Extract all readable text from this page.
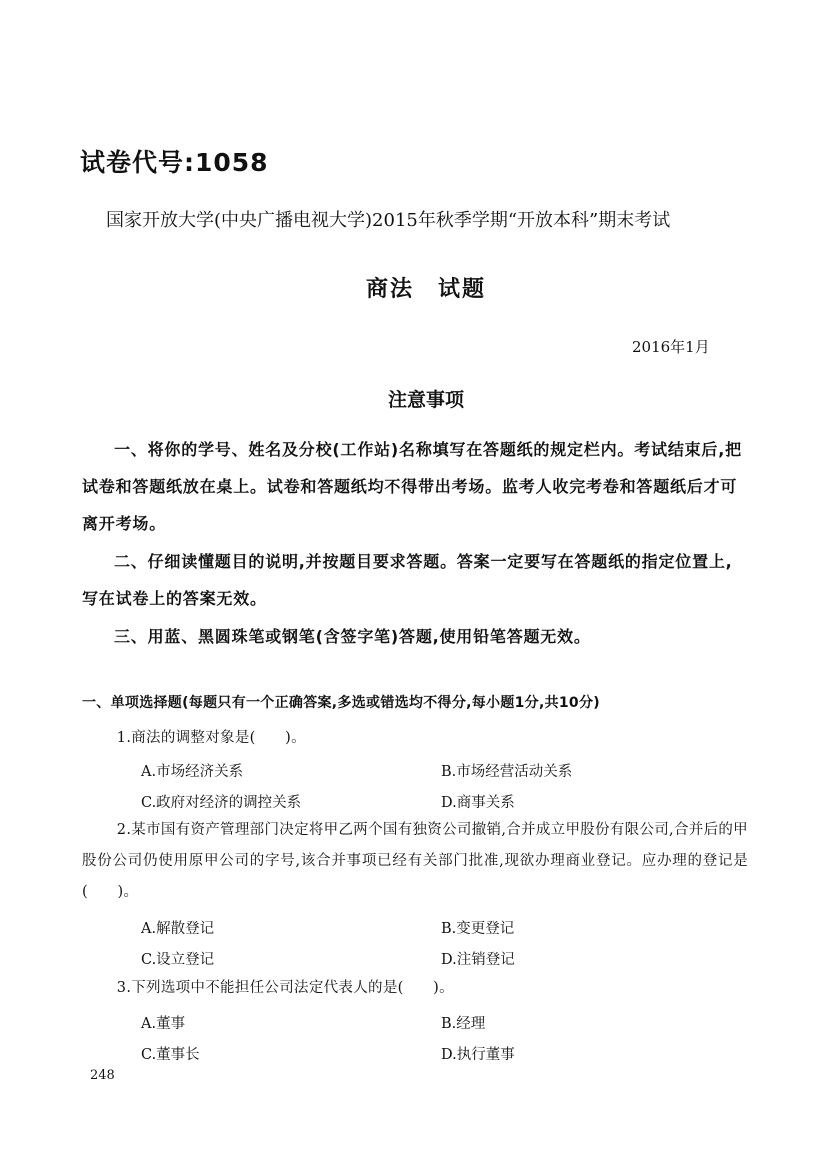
试卷代号:1058
国家开放大学(中央广播电视大学)2015年秋季学期“开放本科”期末考试
商法　试题
2016年1月
注意事项
一、将你的学号、姓名及分校(工作站)名称填写在答题纸的规定栏内。考试结束后,把试卷和答题纸放在桌上。试卷和答题纸均不得带出考场。监考人收完考卷和答题纸后才可离开考场。
二、仔细读懂题目的说明,并按题目要求答题。答案一定要写在答题纸的指定位置上,写在试卷上的答案无效。
三、用蓝、黑圆珠笔或钢笔(含签字笔)答题,使用铅笔答题无效。
一、单项选择题(每题只有一个正确答案,多选或错选均不得分,每小题1分,共10分)
1.商法的调整对象是(　　)。
A.市场经济关系	B.市场经营活动关系
C.政府对经济的调控关系	D.商事关系
2.某市国有资产管理部门决定将甲乙两个国有独资公司撤销,合并成立甲股份有限公司,合并后的甲股份公司仍使用原甲公司的字号,该合并事项已经有关部门批准,现欲办理商业登记。应办理的登记是(　　)。
A.解散登记	B.变更登记
C.设立登记	D.注销登记
3.下列选项中不能担任公司法定代表人的是(　　)。
A.董事	B.经理
C.董事长	D.执行董事
248
